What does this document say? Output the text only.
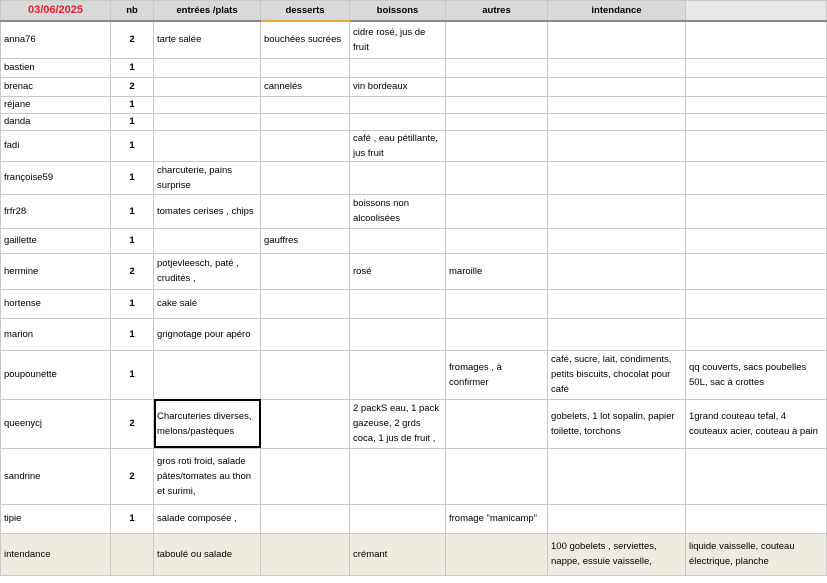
03/06/2025	nb	entrées /plats	desserts	boissons	autres	intendance	
anna76	2	tarte salée	bouchées sucrées	cidre rosé, jus de fruit			
bastien	1						
brenac	2		cannelés	vin bordeaux			
réjane	1						
danda	1						
fadi	1			café , eau pétillante, jus fruit			
françoise59	1	charcuterie, pains surprise					
frfr28	1	tomates cerises , chips		boissons non alcoolisées			
gaillette	1		gauffres				
hermine	2	potjevleesch, paté , crudités ,		rosé	maroille		
hortense	1	cake salé					
marion	1	grignotage pour apéro					
poupounette	1				fromages , à confirmer	café, sucre, lait, condiments, petits biscuits, chocolat pour café	qq couverts, sacs poubelles 50L, sac à crottes
queenycj	2	Charcuteries diverses, melons/pastèques		2 packS eau, 1 pack gazeuse, 2 grds coca, 1 jus de fruit ,		gobelets, 1 lot sopalin, papier toilette, torchons	1grand couteau tefal, 4 couteaux acier, couteau à pain
sandrine	2	gros roti froid, salade pâtes/tomates au thon et surimi,					
tipie	1	salade composée ,			fromage "manicamp"		
intendance		taboulé ou salade		crémant		100 gobelets , serviettes, nappe, essuie vaisselle,	liquide vaisselle, couteau électrique, planche
